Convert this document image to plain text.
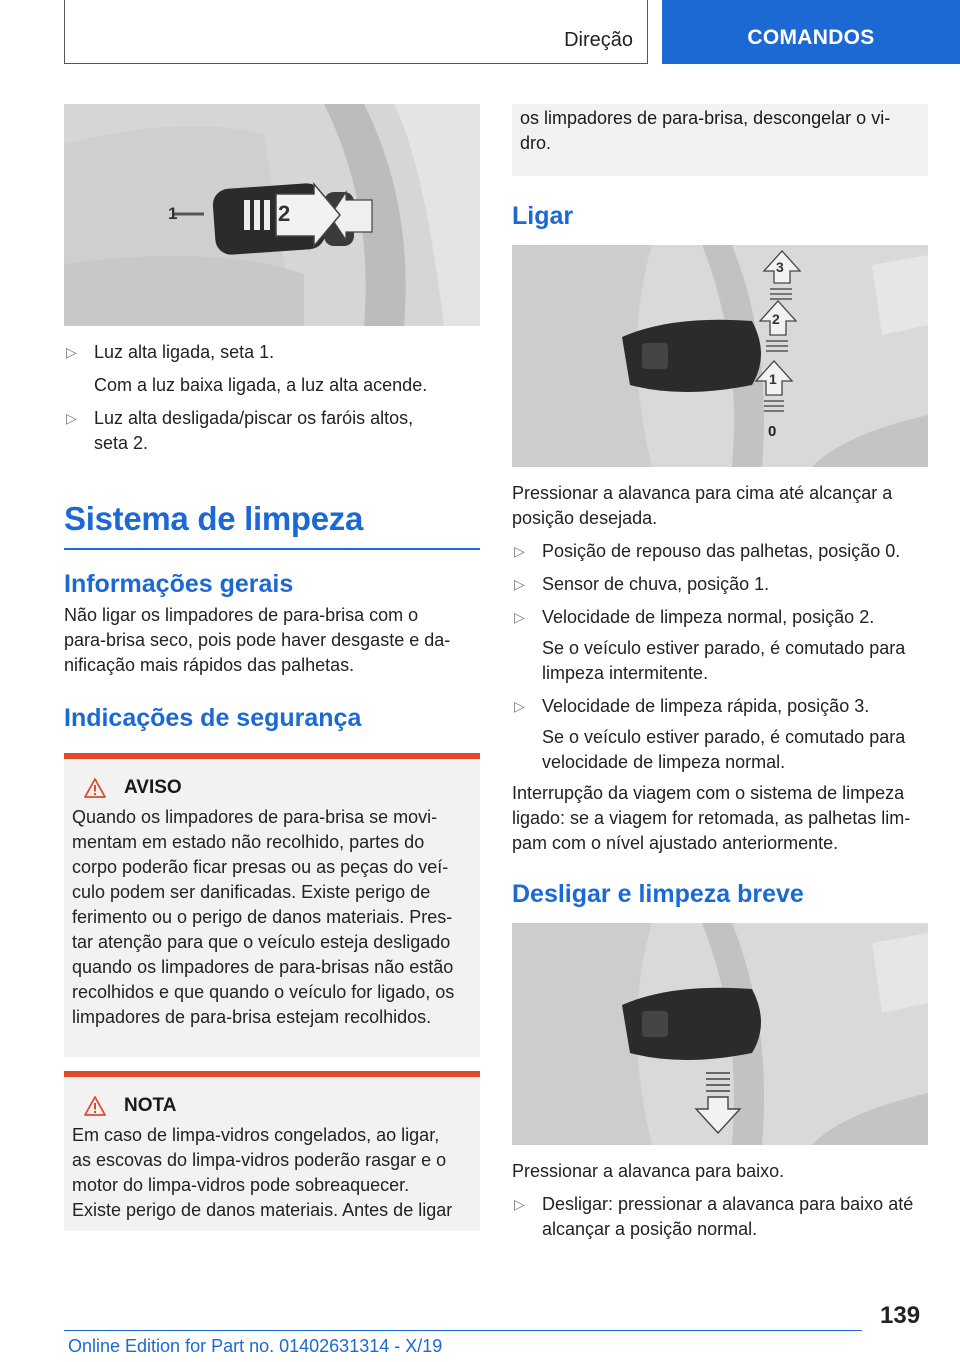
Direção	COMANDOS
1	2
▷ Luz alta ligada, seta 1.
Com a luz baixa ligada, a luz alta acende.
▷ Luz alta desligada/piscar os faróis altos,
seta 2.
Sistema de limpeza
Informações gerais

Não ligar os limpadores de para-brisa com o

para-brisa seco, pois pode haver desgaste e da-

nificação mais rápidos das palhetas.

Indicações de segurança
AVISO

Quando os limpadores de para-brisa se movi-

mentam em estado não recolhido, partes do

corpo poderão ficar presas ou as peças do veí-

culo podem ser danificadas. Existe perigo de

ferimento ou o perigo de danos materiais. Pres-

tar atenção para que o veículo esteja desligado

quando os limpadores de para-brisas não estão

recolhidos e que quando o veículo for ligado, os

limpadores de para-brisa estejam recolhidos.

NOTA

Em caso de limpa-vidros congelados, ao ligar,

as escovas do limpa-vidros poderão rasgar e o

motor do limpa-vidros pode sobreaquecer.

Existe perigo de danos materiais. Antes de ligar

os limpadores de para-brisa, descongelar o vi-

dro.

Ligar
3
2
1
0

Pressionar a alavanca para cima até alcançar a

posição desejada.

▷ Posição de repouso das palhetas, posição 0.
▷ Sensor de chuva, posição 1.
▷ Velocidade de limpeza normal, posição 2.
Se o veículo estiver parado, é comutado para
limpeza intermitente.
▷ Velocidade de limpeza rápida, posição 3.
Se o veículo estiver parado, é comutado para
velocidade de limpeza normal.

Interrupção da viagem com o sistema de limpeza

ligado: se a viagem for retomada, as palhetas lim-

pam com o nível ajustado anteriormente.

Desligar e limpeza breve

Pressionar a alavanca para baixo.

▷ Desligar: pressionar a alavanca para baixo até
alcançar a posição normal.
139
Online Edition for Part no. 01402631314 - X/19
